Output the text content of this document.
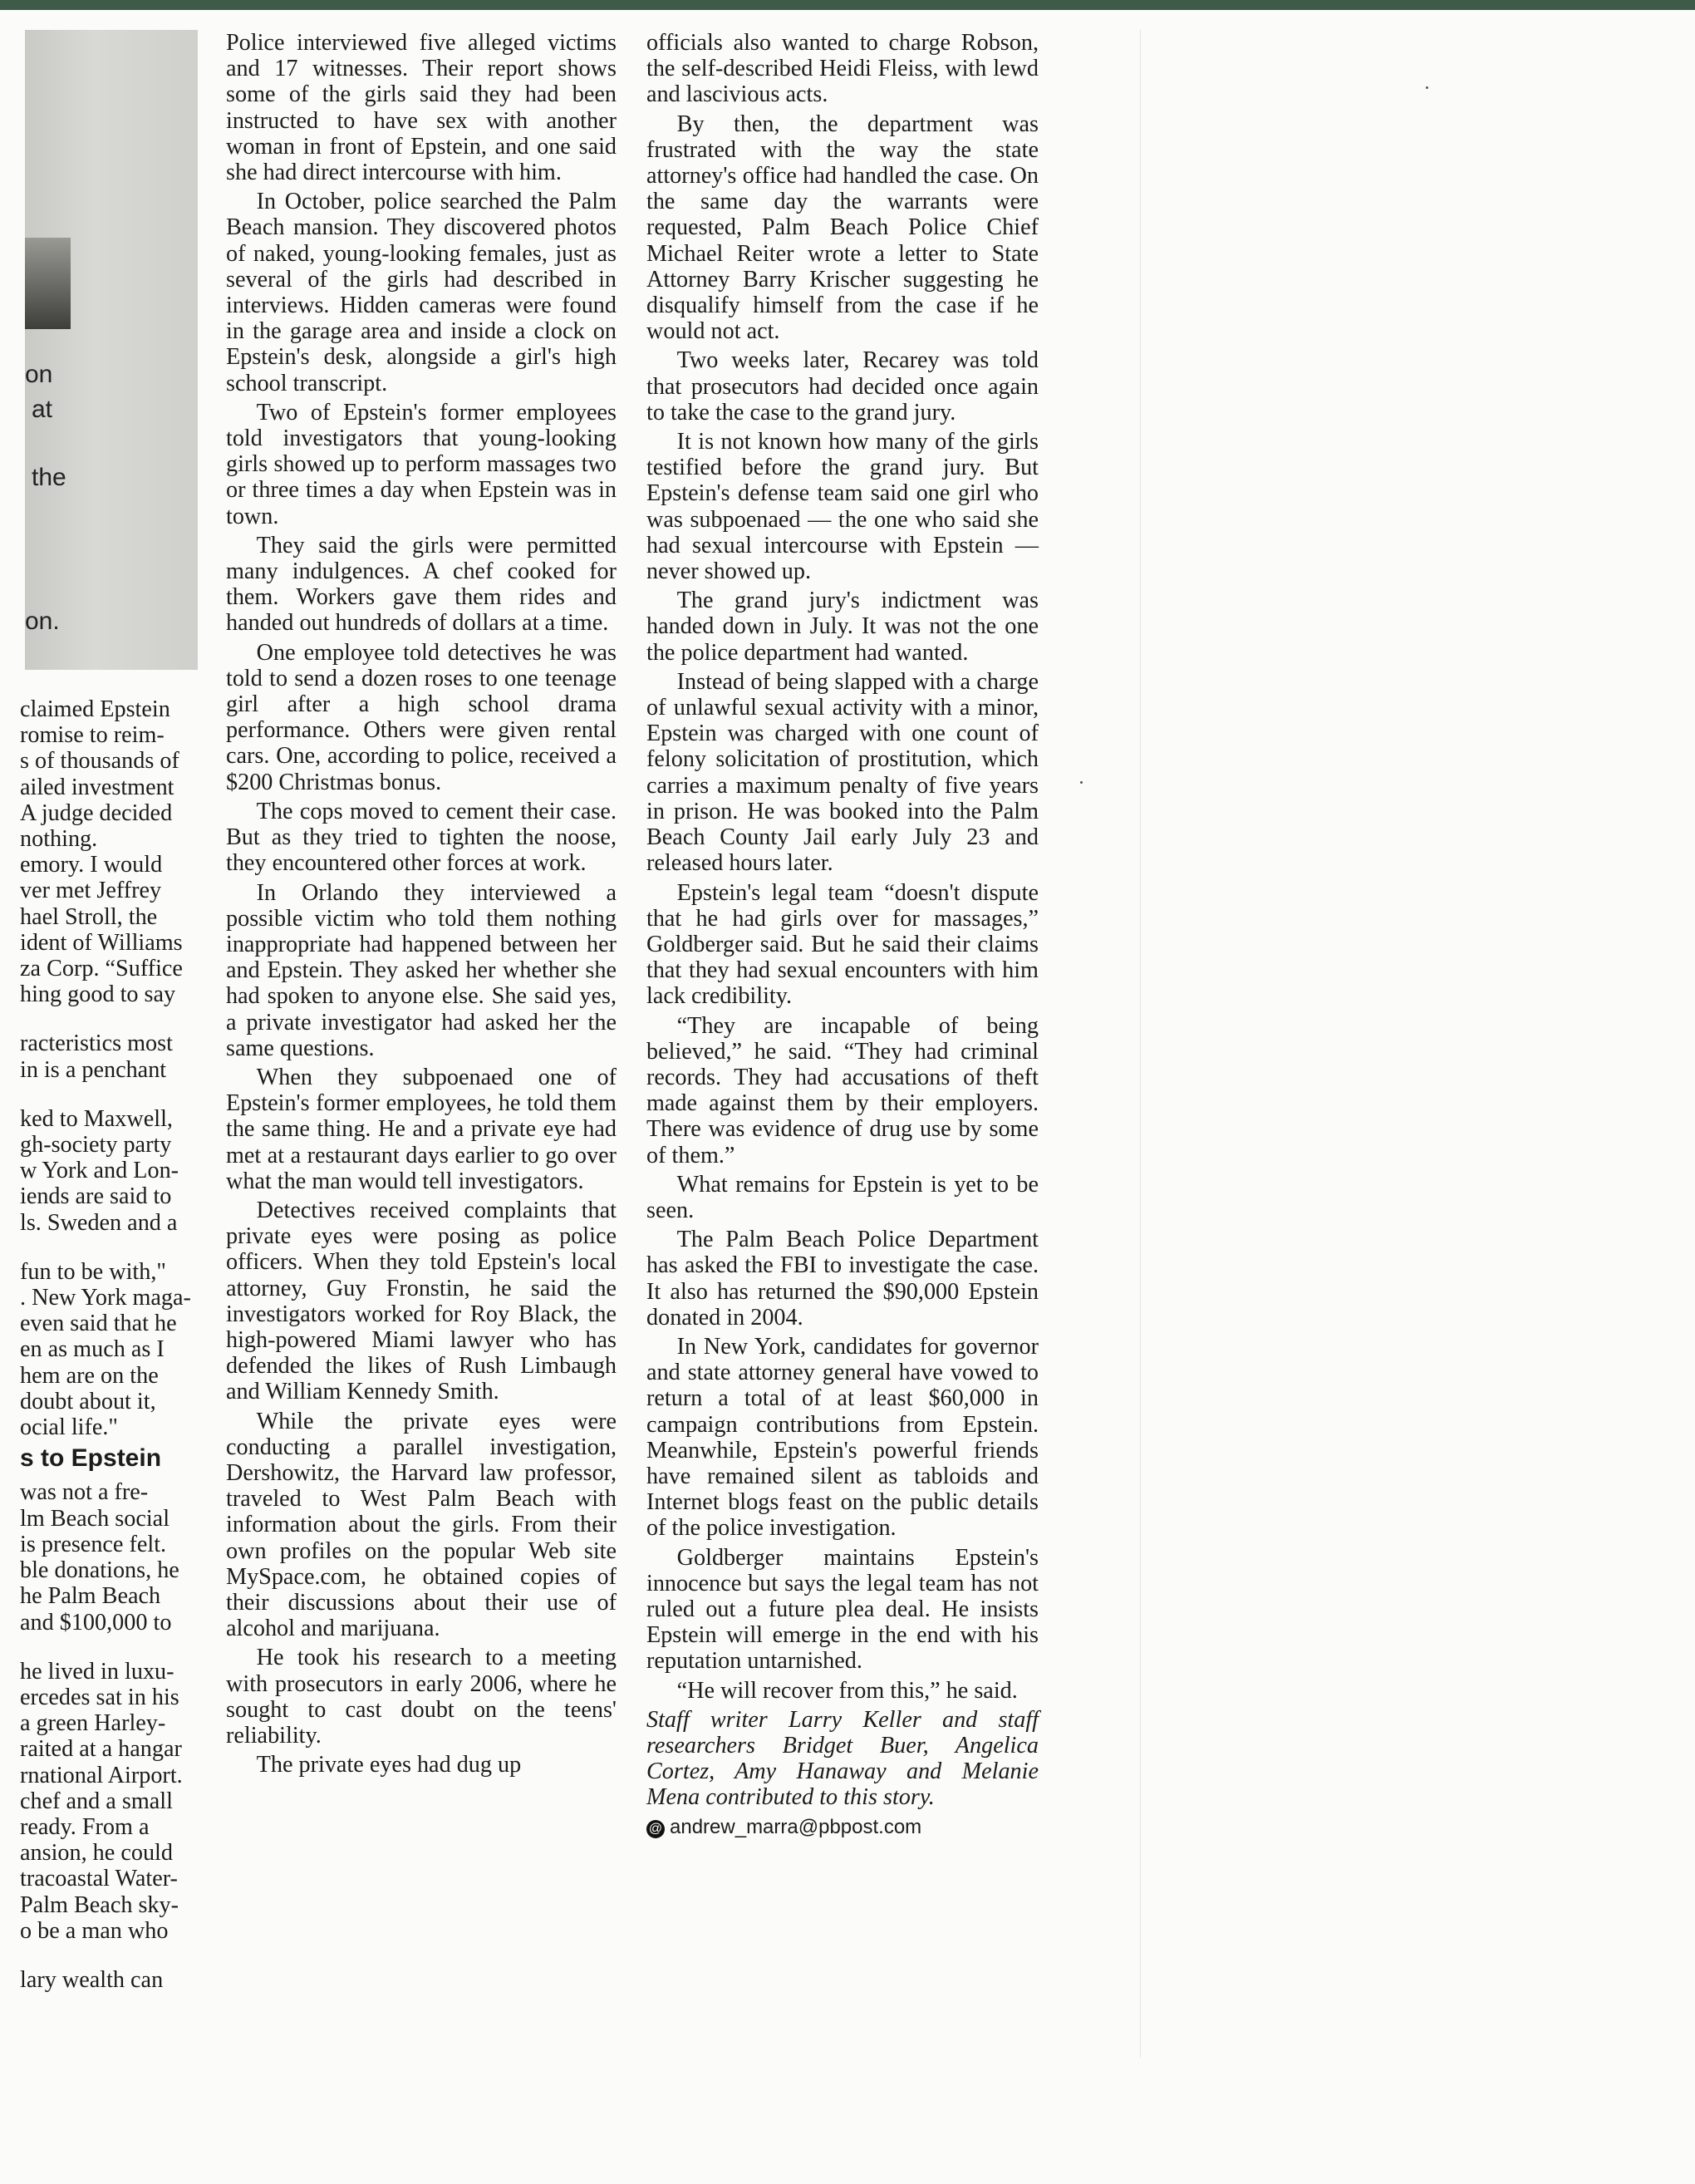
on
at
the
on.
claimed Epstein
romise to reim-
s of thousands of
ailed investment
A judge decided
nothing.
emory. I would
ver met Jeffrey
hael Stroll, the
ident of Williams
za Corp. “Suffice
hing good to say
racteristics most
in is a penchant
ked to Maxwell,
gh-society party
w York and Lon-
iends are said to
ls. Sweden and a
fun to be with,"
. New York maga-
even said that he
en as much as I
hem are on the
doubt about it,
ocial life."
s to Epstein
was not a fre-
lm Beach social
is presence felt.
ble donations, he
he Palm Beach
and $100,000 to
he lived in luxu-
ercedes sat in his
a green Harley-
raited at a hangar
rnational Airport.
chef and a small
ready. From a
ansion, he could
tracoastal Water-
Palm Beach sky-
o be a man who
lary wealth can

Police interviewed five alleged victims and 17 witnesses. Their report shows some of the girls said they had been instructed to have sex with another woman in front of Epstein, and one said she had direct intercourse with him.

In October, police searched the Palm Beach mansion. They discovered photos of naked, young-looking females, just as several of the girls had described in interviews. Hidden cameras were found in the garage area and inside a clock on Epstein's desk, alongside a girl's high school transcript.

Two of Epstein's former employees told investigators that young-looking girls showed up to perform massages two or three times a day when Epstein was in town.

They said the girls were permitted many indulgences. A chef cooked for them. Workers gave them rides and handed out hundreds of dollars at a time.

One employee told detectives he was told to send a dozen roses to one teenage girl after a high school drama performance. Others were given rental cars. One, according to police, received a $200 Christmas bonus.

The cops moved to cement their case. But as they tried to tighten the noose, they encountered other forces at work.

In Orlando they interviewed a possible victim who told them nothing inappropriate had happened between her and Epstein. They asked her whether she had spoken to anyone else. She said yes, a private investigator had asked her the same questions.

When they subpoenaed one of Epstein's former employees, he told them the same thing. He and a private eye had met at a restaurant days earlier to go over what the man would tell investigators.

Detectives received complaints that private eyes were posing as police officers. When they told Epstein's local attorney, Guy Fronstin, he said the investigators worked for Roy Black, the high-powered Miami lawyer who has defended the likes of Rush Limbaugh and William Kennedy Smith.

While the private eyes were conducting a parallel investigation, Dershowitz, the Harvard law professor, traveled to West Palm Beach with information about the girls. From their own profiles on the popular Web site MySpace.com, he obtained copies of their discussions about their use of alcohol and marijuana.

He took his research to a meeting with prosecutors in early 2006, where he sought to cast doubt on the teens' reliability.

The private eyes had dug up

officials also wanted to charge Robson, the self-described Heidi Fleiss, with lewd and lascivious acts.

By then, the department was frustrated with the way the state attorney's office had handled the case. On the same day the warrants were requested, Palm Beach Police Chief Michael Reiter wrote a letter to State Attorney Barry Krischer suggesting he disqualify himself from the case if he would not act.

Two weeks later, Recarey was told that prosecutors had decided once again to take the case to the grand jury.

It is not known how many of the girls testified before the grand jury. But Epstein's defense team said one girl who was subpoenaed — the one who said she had sexual intercourse with Epstein — never showed up.

The grand jury's indictment was handed down in July. It was not the one the police department had wanted.

Instead of being slapped with a charge of unlawful sexual activity with a minor, Epstein was charged with one count of felony solicitation of prostitution, which carries a maximum penalty of five years in prison. He was booked into the Palm Beach County Jail early July 23 and released hours later.

Epstein's legal team “doesn't dispute that he had girls over for massages,” Goldberger said. But he said their claims that they had sexual encounters with him lack credibility.

“They are incapable of being believed,” he said. “They had criminal records. They had accusations of theft made against them by their employers. There was evidence of drug use by some of them.”

What remains for Epstein is yet to be seen.

The Palm Beach Police Department has asked the FBI to investigate the case. It also has returned the $90,000 Epstein donated in 2004.

In New York, candidates for governor and state attorney general have vowed to return a total of at least $60,000 in campaign contributions from Epstein. Meanwhile, Epstein's powerful friends have remained silent as tabloids and Internet blogs feast on the public details of the police investigation.

Goldberger maintains Epstein's innocence but says the legal team has not ruled out a future plea deal. He insists Epstein will emerge in the end with his reputation untarnished.

“He will recover from this,” he said.

Staff writer Larry Keller and staff researchers Bridget Buer, Angelica Cortez, Amy Hanaway and Melanie Mena contributed to this story.

@ andrew_marra@pbpost.com
